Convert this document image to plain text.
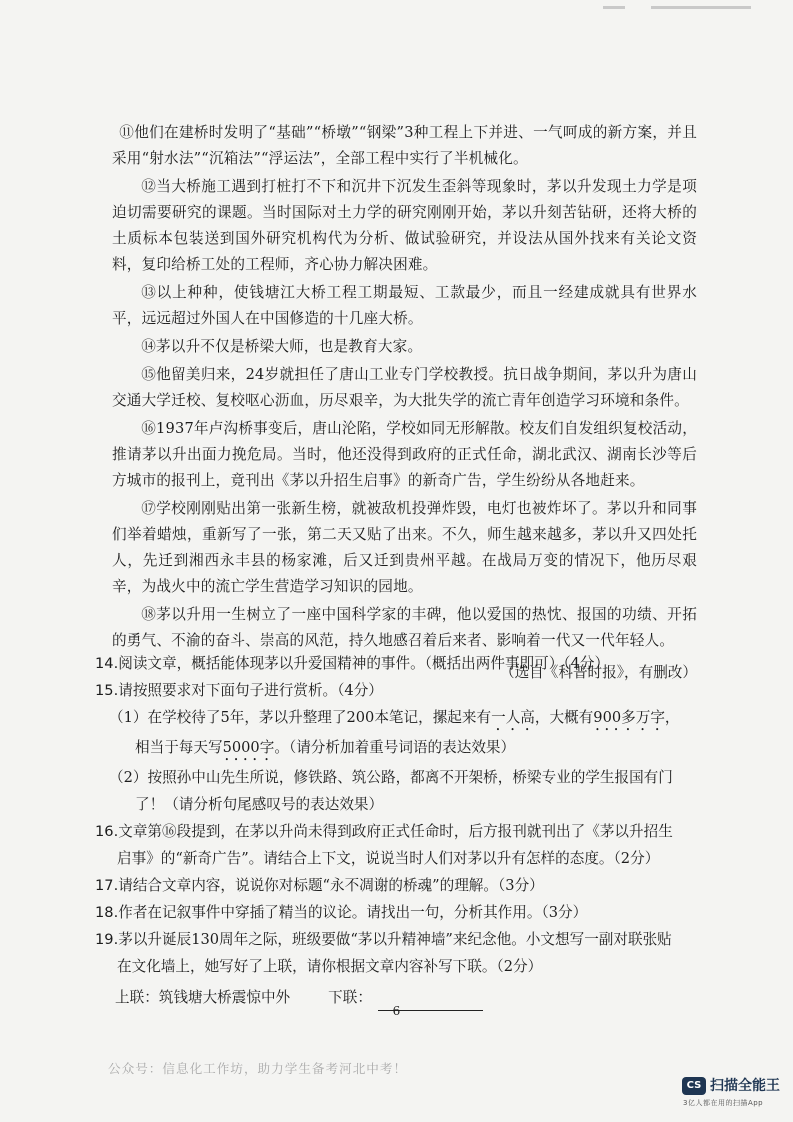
⑪他们在建桥时发明了“基础”“桥墩”“钢梁”3种工程上下并进、一气呵成的新方案，并且采用“射水法”“沉箱法”“浮运法”，全部工程中实行了半机械化。

⑫当大桥施工遇到打桩打不下和沉井下沉发生歪斜等现象时，茅以升发现土力学是项迫切需要研究的课题。当时国际对土力学的研究刚刚开始，茅以升刻苦钻研，还将大桥的土质标本包装送到国外研究机构代为分析、做试验研究，并设法从国外找来有关论文资料，复印给桥工处的工程师，齐心协力解决困难。

⑬以上种种，使钱塘江大桥工程工期最短、工款最少，而且一经建成就具有世界水平，远远超过外国人在中国修造的十几座大桥。

⑭茅以升不仅是桥梁大师，也是教育大家。

⑮他留美归来，24岁就担任了唐山工业专门学校教授。抗日战争期间，茅以升为唐山交通大学迁校、复校呕心沥血，历尽艰辛，为大批失学的流亡青年创造学习环境和条件。

⑯1937年卢沟桥事变后，唐山沦陷，学校如同无形解散。校友们自发组织复校活动，推请茅以升出面力挽危局。当时，他还没得到政府的正式任命，湖北武汉、湖南长沙等后方城市的报刊上，竟刊出《茅以升招生启事》的新奇广告，学生纷纷从各地赶来。

⑰学校刚刚贴出第一张新生榜，就被敌机投弹炸毁，电灯也被炸坏了。茅以升和同事们举着蜡烛，重新写了一张，第二天又贴了出来。不久，师生越来越多，茅以升又四处托人，先迁到湘西永丰县的杨家滩，后又迁到贵州平越。在战局万变的情况下，他历尽艰辛，为战火中的流亡学生营造学习知识的园地。

⑱茅以升用一生树立了一座中国科学家的丰碑，他以爱国的热忱、报国的功绩、开拓的勇气、不渝的奋斗、崇高的风范，持久地感召着后来者、影响着一代又一代年轻人。

（选自《科普时报》，有删改）

14.阅读文章，概括能体现茅以升爱国精神的事件。（概括出两件事即可）（4分）
15.请按照要求对下面句子进行赏析。（4分）
（1）在学校待了5年，茅以升整理了200本笔记，摞起来有一人高，大概有900多万字，
相当于每天写5000字。（请分析加着重号词语的表达效果）
（2）按照孙中山先生所说，修铁路、筑公路，都离不开架桥，桥梁专业的学生报国有门
了！（请分析句尾感叹号的表达效果）
16.文章第⑯段提到，在茅以升尚未得到政府正式任命时，后方报刊就刊出了《茅以升招生
启事》的“新奇广告”。请结合上下文，说说当时人们对茅以升有怎样的态度。（2分）
17.请结合文章内容，说说你对标题“永不凋谢的桥魂”的理解。（3分）
18.作者在记叙事件中穿插了精当的议论。请找出一句，分析其作用。（3分）
19.茅以升诞辰130周年之际，班级要做“茅以升精神墙”来纪念他。小文想写一副对联张贴
在文化墙上，她写好了上联，请你根据文章内容补写下联。（2分）
上联：筑钱塘大桥震惊中外	下联：
6
公众号：信息化工作坊，助力学生备考河北中考！
CS 扫描全能王
3亿人都在用的扫描App
